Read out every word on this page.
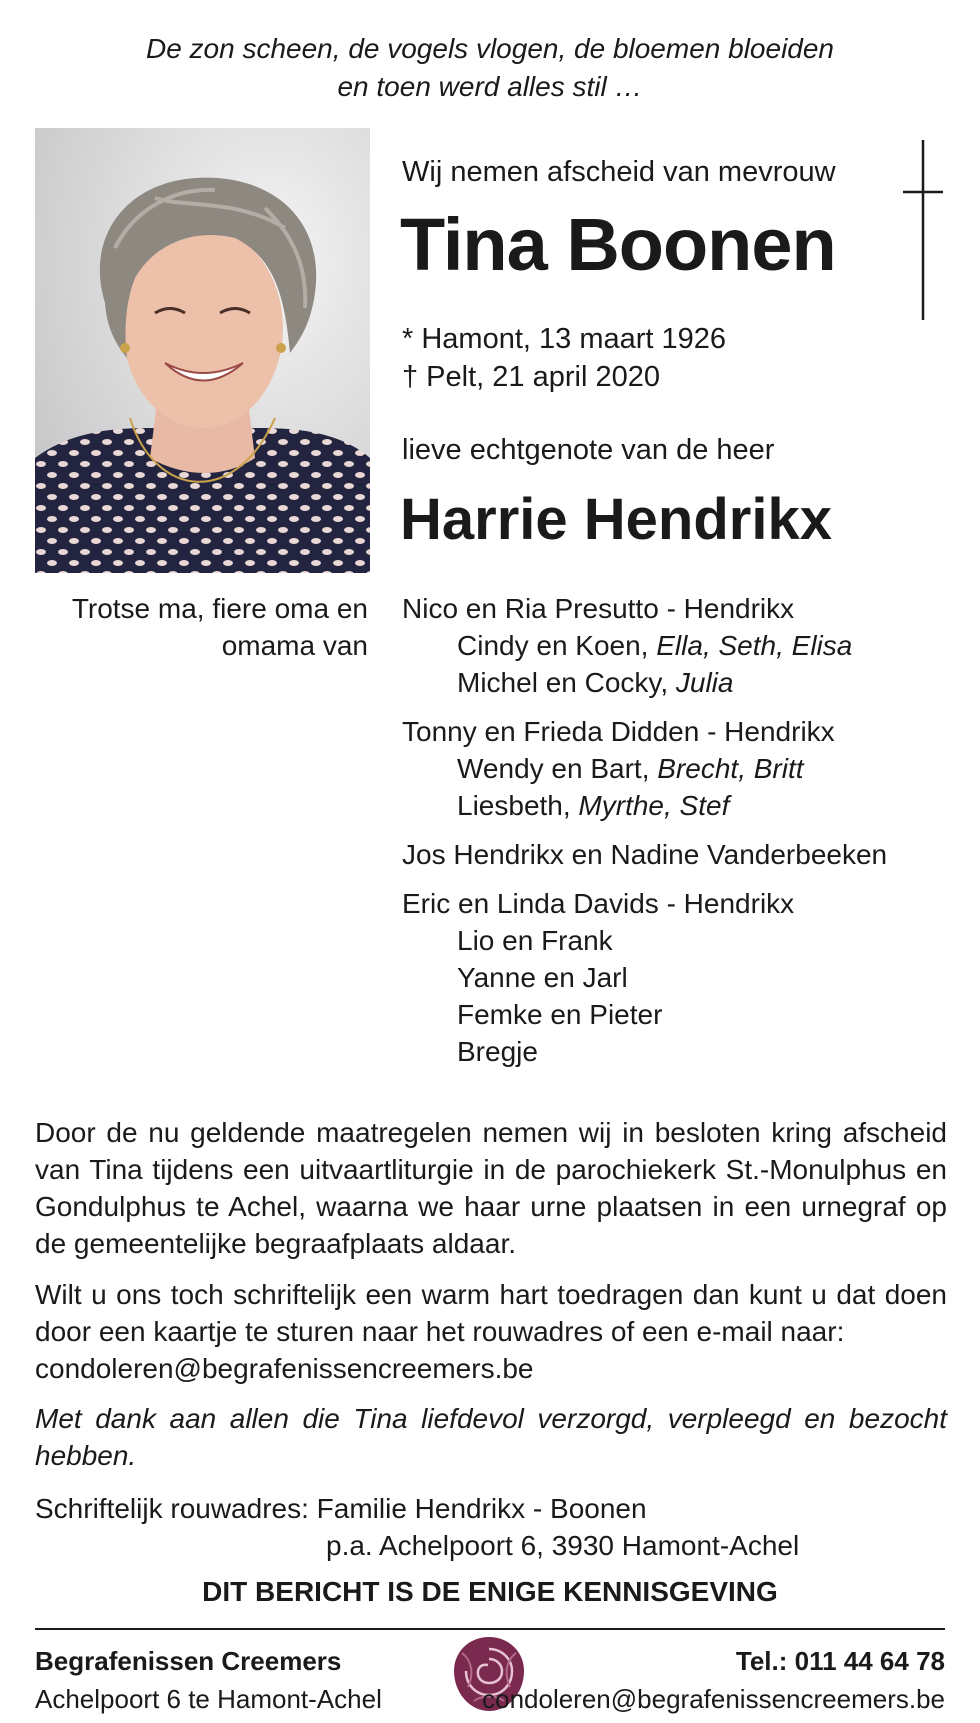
De zon scheen, de vogels vlogen, de bloemen bloeiden
en toen werd alles stil …
Wij nemen afscheid van mevrouw
Tina Boonen
* Hamont, 13 maart 1926
† Pelt, 21 april 2020
lieve echtgenote van de heer
Harrie Hendrikx
Trotse ma, fiere oma en
omama van
Nico en Ria Presutto - Hendrikx
Cindy en Koen, Ella, Seth, Elisa
Michel en Cocky, Julia
Tonny en Frieda Didden - Hendrikx
Wendy en Bart, Brecht, Britt
Liesbeth, Myrthe, Stef
Jos Hendrikx en Nadine Vanderbeeken
Eric en Linda Davids - Hendrikx
Lio en Frank
Yanne en Jarl
Femke en Pieter
Bregje
Door de nu geldende maatregelen nemen wij in besloten kring afscheid van Tina tijdens een uitvaartliturgie in de parochiekerk St.-Monulphus en Gondulphus te Achel, waarna we haar urne plaatsen in een urnegraf op de gemeentelijke begraafplaats aldaar.
Wilt u ons toch schriftelijk een warm hart toedragen dan kunt u dat doen door een kaartje te sturen naar het rouwadres of een e-mail naar:
condoleren@begrafenissencreemers.be
Met dank aan allen die Tina liefdevol verzorgd, verpleegd en bezocht hebben.
Schriftelijk rouwadres: Familie Hendrikx - Boonen
p.a. Achelpoort 6, 3930 Hamont-Achel
DIT BERICHT IS DE ENIGE KENNISGEVING
Begrafenissen Creemers
Achelpoort 6 te Hamont-Achel
Tel.: 011 44 64 78
condoleren@begrafenissencreemers.be
